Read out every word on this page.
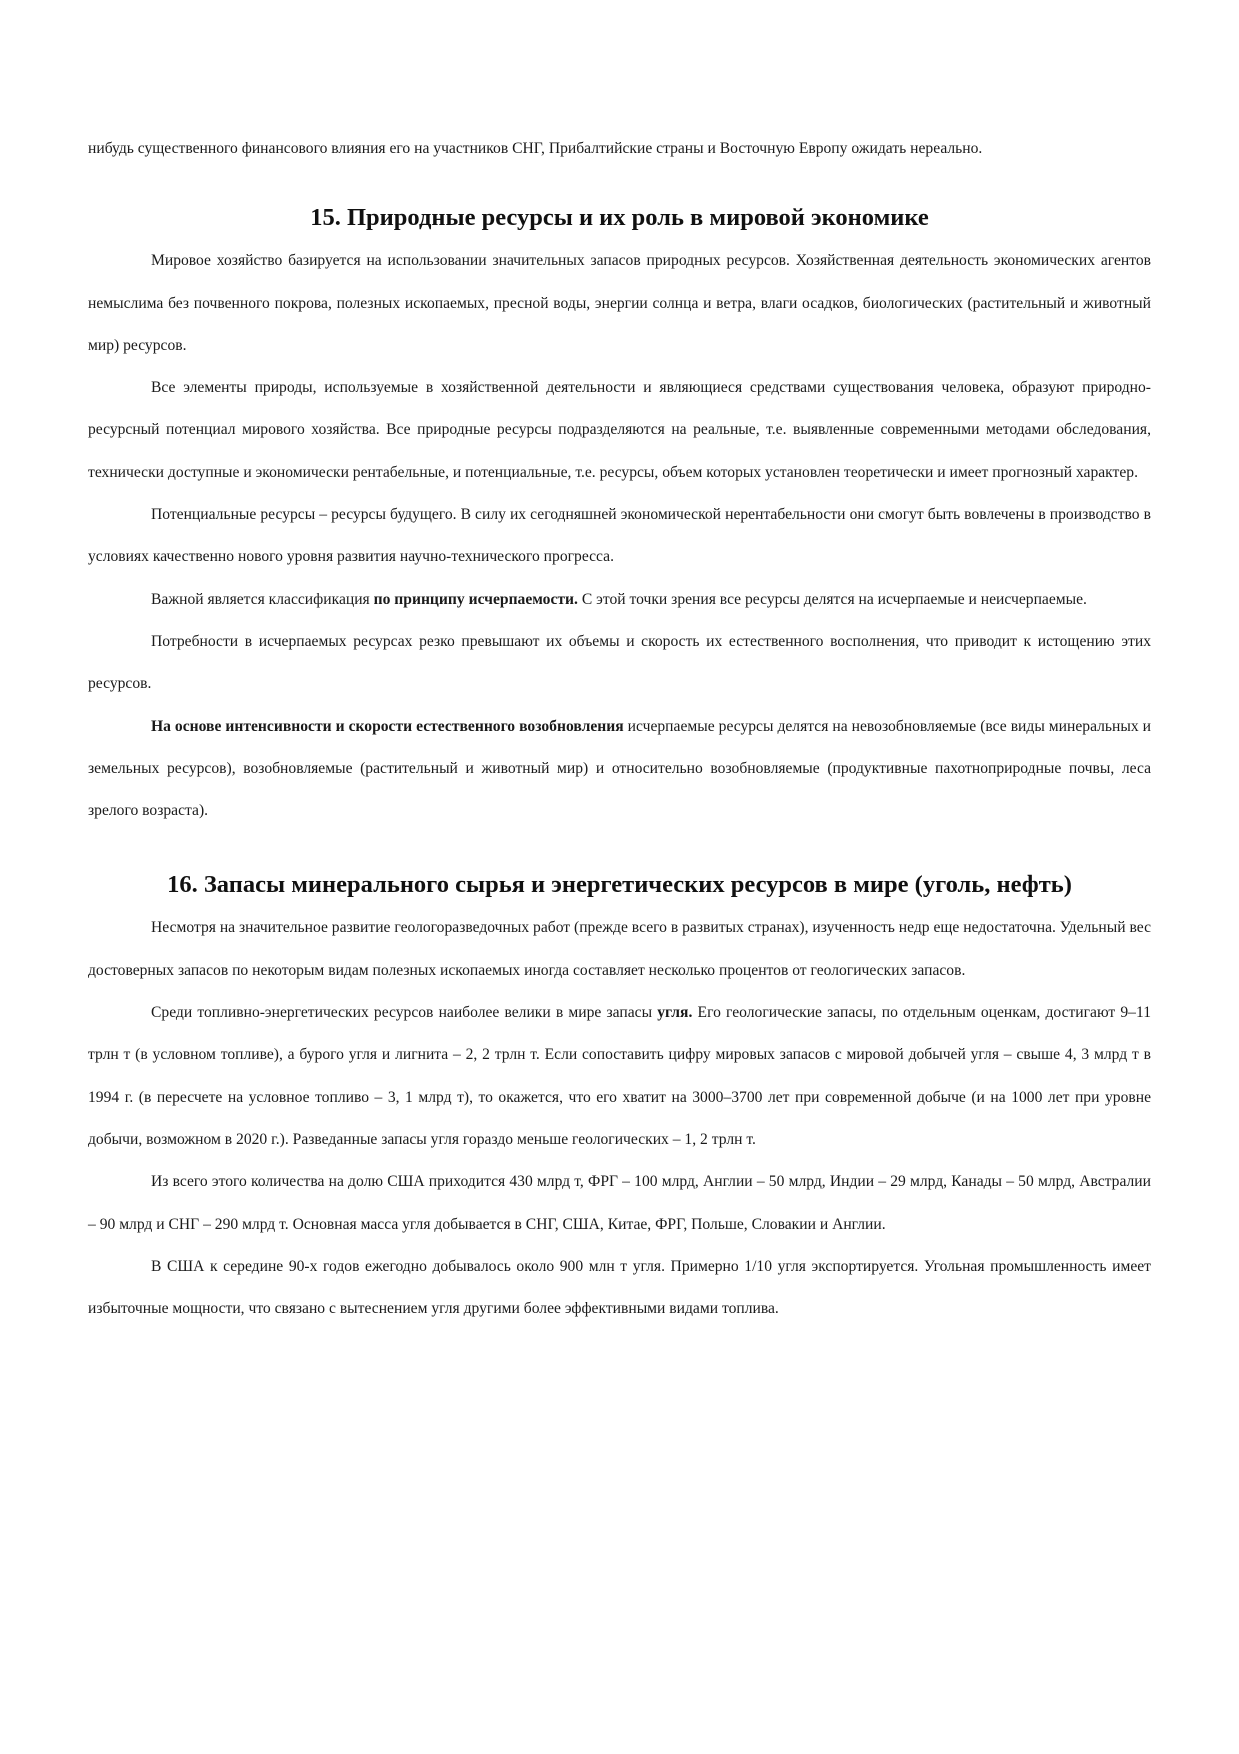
нибудь существенного финансового влияния его на участников СНГ, Прибалтийские страны и Восточную Европу ожидать нереально.

15. Природные ресурсы и их роль в мировой экономике

Мировое хозяйство базируется на использовании значительных запасов природных ресурсов. Хозяйственная деятельность экономических агентов немыслима без почвенного покрова, полезных ископаемых, пресной воды, энергии солнца и ветра, влаги осадков, биологических (растительный и животный мир) ресурсов.

Все элементы природы, используемые в хозяйственной деятельности и являющиеся средствами существования человека, образуют природно-ресурсный потенциал мирового хозяйства. Все природные ресурсы подразделяются на реальные, т.е. выявленные современными методами обследования, технически доступные и экономически рентабельные, и потенциальные, т.е. ресурсы, объем которых установлен теоретически и имеет прогнозный характер.

Потенциальные ресурсы – ресурсы будущего. В силу их сегодняшней экономической нерентабельности они смогут быть вовлечены в производство в условиях качественно нового уровня развития научно-технического прогресса.

Важной является классификация по принципу исчерпаемости. С этой точки зрения все ресурсы делятся на исчерпаемые и неисчерпаемые.

Потребности в исчерпаемых ресурсах резко превышают их объемы и скорость их естественного восполнения, что приводит к истощению этих ресурсов.

На основе интенсивности и скорости естественного возобновления исчерпаемые ресурсы делятся на невозобновляемые (все виды минеральных и земельных ресурсов), возобновляемые (растительный и животный мир) и относительно возобновляемые (продуктивные пахотноприродные почвы, леса зрелого возраста).

16. Запасы минерального сырья и энергетических ресурсов в мире (уголь, нефть)

Несмотря на значительное развитие геологоразведочных работ (прежде всего в развитых странах), изученность недр еще недостаточна. Удельный вес достоверных запасов по некоторым видам полезных ископаемых иногда составляет несколько процентов от геологических запасов.

Среди топливно-энергетических ресурсов наиболее велики в мире запасы угля. Его геологические запасы, по отдельным оценкам, достигают 9–11 трлн т (в условном топливе), а бурого угля и лигнита – 2, 2 трлн т. Если сопоставить цифру мировых запасов с мировой добычей угля – свыше 4, 3 млрд т в 1994 г. (в пересчете на условное топливо – 3, 1 млрд т), то окажется, что его хватит на 3000–3700 лет при современной добыче (и на 1000 лет при уровне добычи, возможном в 2020 г.). Разведанные запасы угля гораздо меньше геологических – 1, 2 трлн т.

Из всего этого количества на долю США приходится 430 млрд т, ФРГ – 100 млрд, Англии – 50 млрд, Индии – 29 млрд, Канады – 50 млрд, Австралии – 90 млрд и СНГ – 290 млрд т. Основная масса угля добывается в СНГ, США, Китае, ФРГ, Польше, Словакии и Англии.

В США к середине 90-х годов ежегодно добывалось около 900 млн т угля. Примерно 1/10 угля экспортируется. Угольная промышленность имеет избыточные мощности, что связано с вытеснением угля другими более эффективными видами топлива.
